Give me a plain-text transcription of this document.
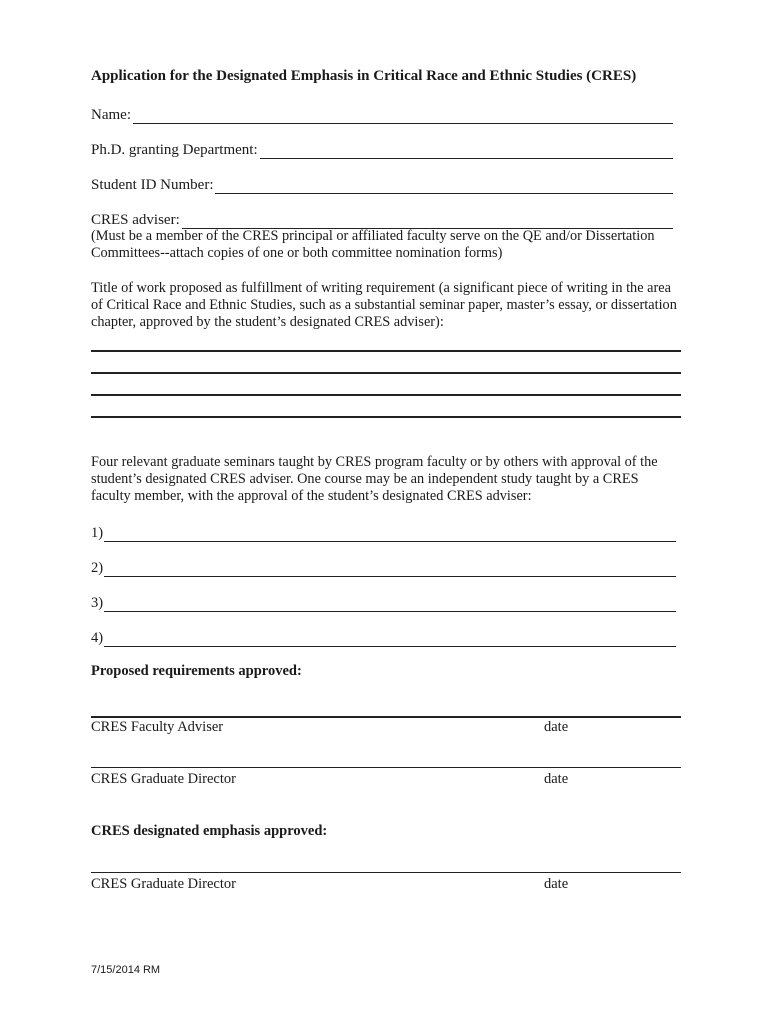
Application for the Designated Emphasis in Critical Race and Ethnic Studies (CRES)
Name:
Ph.D. granting Department:
Student ID Number:
CRES adviser:
(Must be a member of the CRES principal or affiliated faculty serve on the QE and/or Dissertation Committees--attach copies of one or both committee nomination forms)
Title of work proposed as fulfillment of writing requirement (a significant piece of writing in the area of Critical Race and Ethnic Studies, such as a substantial seminar paper, master’s essay, or dissertation chapter, approved by the student’s designated CRES adviser):
Four relevant graduate seminars taught by CRES program faculty or by others with approval of the student’s designated CRES adviser. One course may be an independent study taught by a CRES faculty member, with the approval of the student’s designated CRES adviser:
1)
2)
3)
4)
Proposed requirements approved:
CRES Faculty Adviser	date
CRES Graduate Director	date
CRES designated emphasis approved:
CRES Graduate Director	date
7/15/2014 RM
